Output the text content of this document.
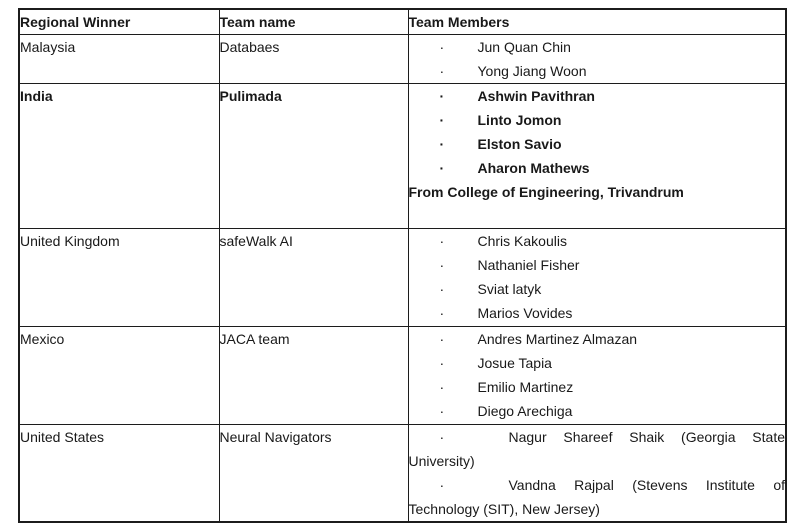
Regional Winner	Team name	Team Members
Malaysia	Databaes	· Jun Quan Chin
· Yong Jiang Woon

India	Pulimada	·	Ashwin Pavithran
·	Linto Jomon
·	Elston Savio
·	Aharon Mathews
From College of Engineering, Trivandrum

United Kingdom	safeWalk AI	·	Chris Kakoulis
·	Nathaniel Fisher
·	Sviat latyk
·	Marios Vovides

Mexico	JACA team	·	Andres Martinez Almazan
·	Josue Tapia
·	Emilio Martinez
·	Diego Arechiga

United States	Neural Navigators	· Nagur Shareef Shaik (Georgia State University)
· Vandna Rajpal (Stevens Institute of Technology (SIT), New Jersey)
